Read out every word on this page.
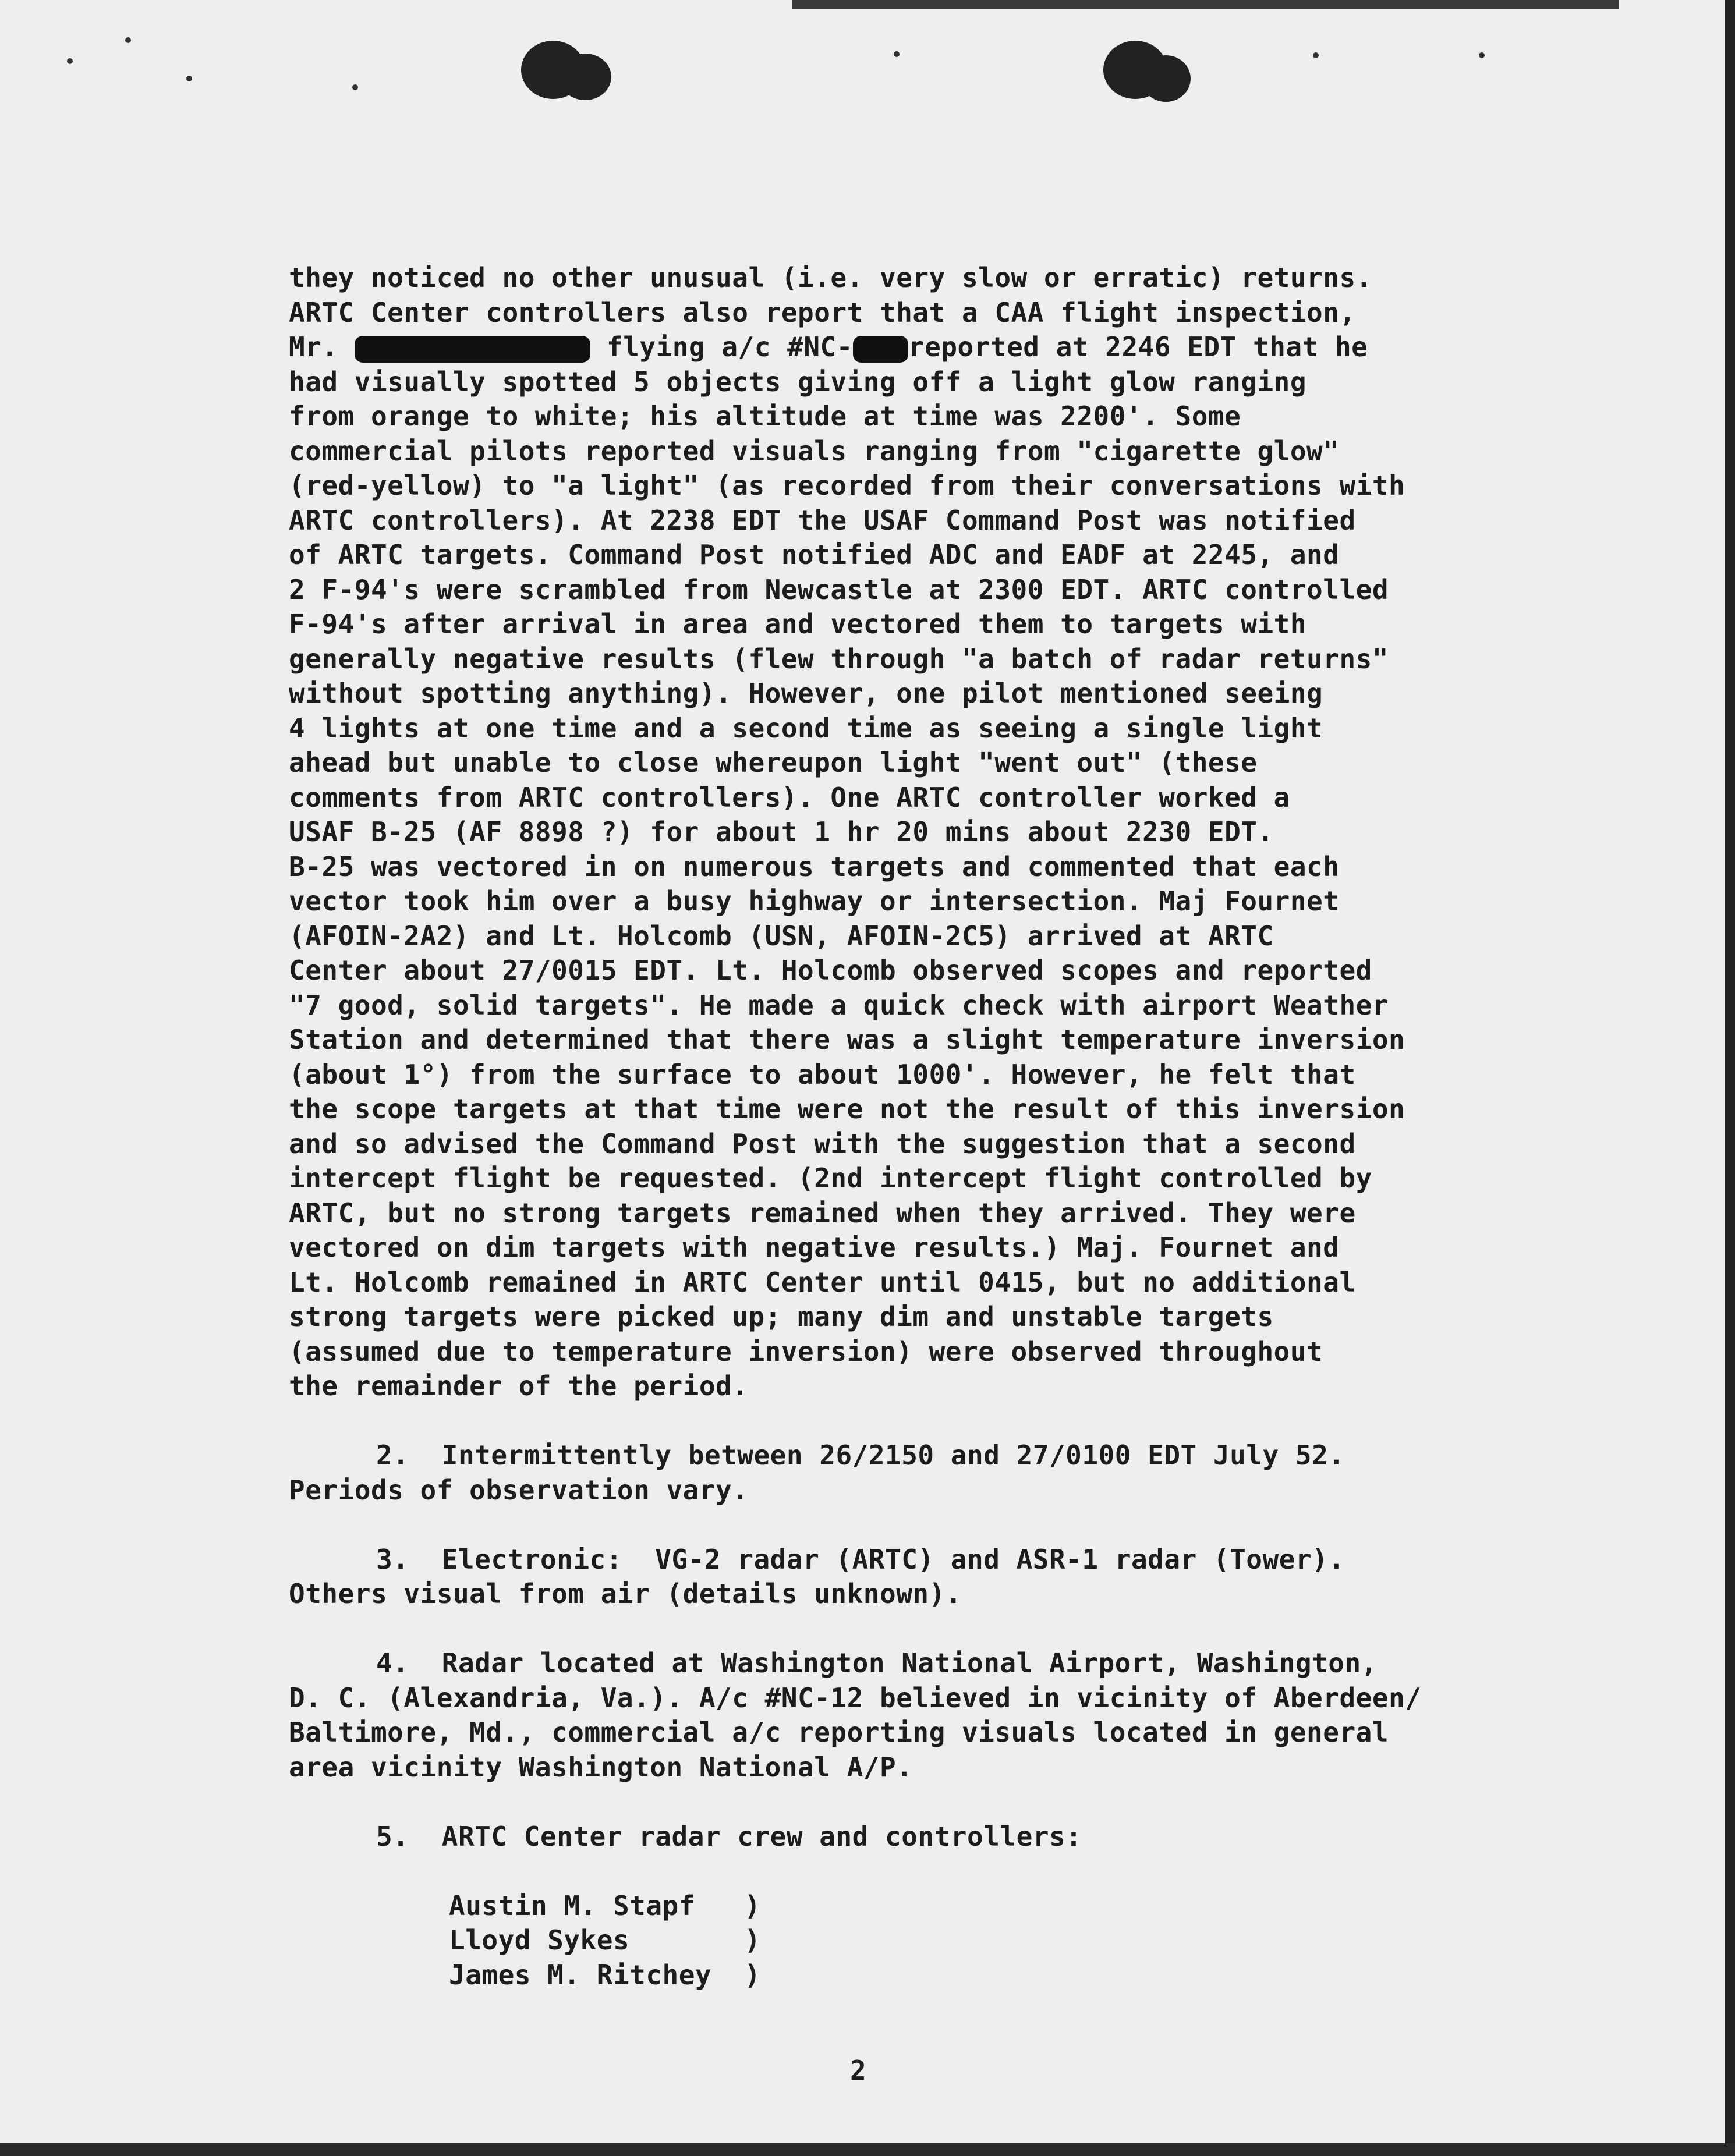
they noticed no other unusual (i.e. very slow or erratic) returns.
ARTC Center controllers also report that a CAA flight inspection,
Mr.	flying a/c #NC- reported at 2246 EDT that he
had visually spotted 5 objects giving off a light glow ranging
from orange to white; his altitude at time was 2200'. Some
commercial pilots reported visuals ranging from "cigarette glow"
(red-yellow) to "a light" (as recorded from their conversations with
ARTC controllers). At 2238 EDT the USAF Command Post was notified
of ARTC targets. Command Post notified ADC and EADF at 2245, and
2 F-94's were scrambled from Newcastle at 2300 EDT. ARTC controlled
F-94's after arrival in area and vectored them to targets with
generally negative results (flew through "a batch of radar returns"
without spotting anything). However, one pilot mentioned seeing
4 lights at one time and a second time as seeing a single light
ahead but unable to close whereupon light "went out" (these
comments from ARTC controllers). One ARTC controller worked a
USAF B-25 (AF 8898 ?) for about 1 hr 20 mins about 2230 EDT.
B-25 was vectored in on numerous targets and commented that each
vector took him over a busy highway or intersection. Maj Fournet
(AFOIN-2A2) and Lt. Holcomb (USN, AFOIN-2C5) arrived at ARTC
Center about 27/0015 EDT. Lt. Holcomb observed scopes and reported
"7 good, solid targets". He made a quick check with airport Weather
Station and determined that there was a slight temperature inversion
(about 1°) from the surface to about 1000'. However, he felt that
the scope targets at that time were not the result of this inversion
and so advised the Command Post with the suggestion that a second
intercept flight be requested. (2nd intercept flight controlled by
ARTC, but no strong targets remained when they arrived. They were
vectored on dim targets with negative results.) Maj. Fournet and
Lt. Holcomb remained in ARTC Center until 0415, but no additional
strong targets were picked up; many dim and unstable targets
(assumed due to temperature inversion) were observed throughout
the remainder of the period.
2.  Intermittently between 26/2150 and 27/0100 EDT July 52.
Periods of observation vary.
3.  Electronic:  VG-2 radar (ARTC) and ASR-1 radar (Tower).
Others visual from air (details unknown).
4.  Radar located at Washington National Airport, Washington,
D. C. (Alexandria, Va.). A/c #NC-12 believed in vicinity of Aberdeen/
Baltimore, Md., commercial a/c reporting visuals located in general
area vicinity Washington National A/P.
5.  ARTC Center radar crew and controllers:
Austin M. Stapf   )
Lloyd Sykes       )
James M. Ritchey  )
2
